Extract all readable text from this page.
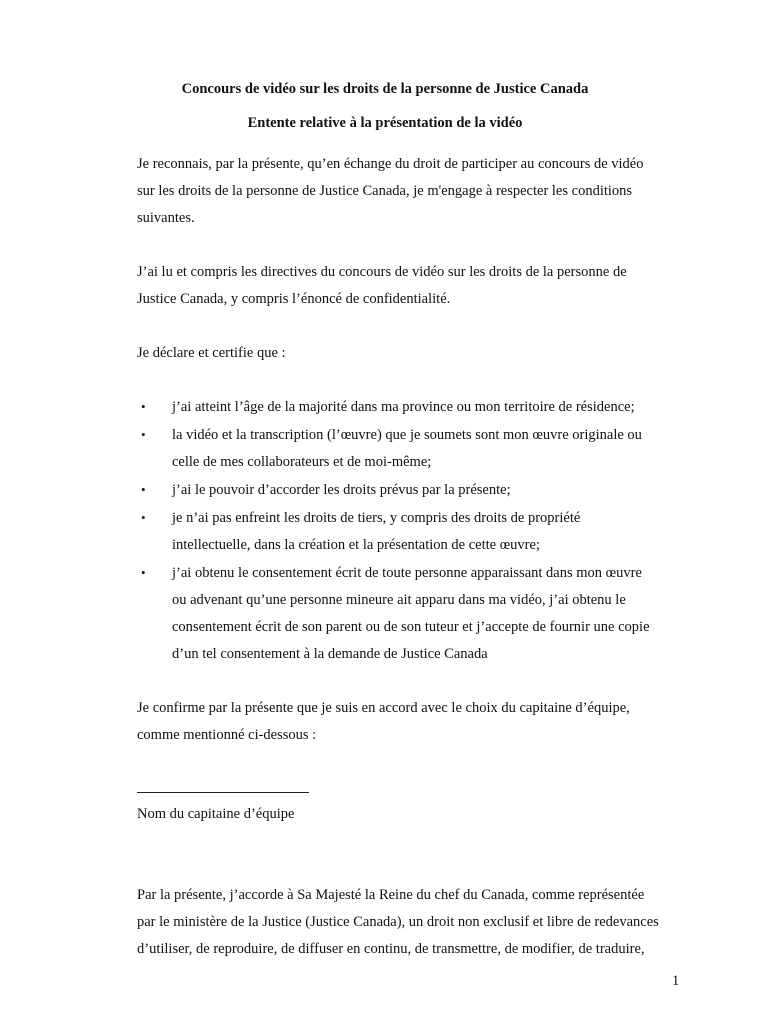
Concours de vidéo sur les droits de la personne de Justice Canada
Entente relative à la présentation de la vidéo
Je reconnais, par la présente, qu’en échange du droit de participer au concours de vidéo
sur les droits de la personne de Justice Canada, je m'engage à respecter les conditions
suivantes.
J’ai lu et compris les directives du concours de vidéo sur les droits de la personne de
Justice Canada, y compris l’énoncé de confidentialité.
Je déclare et certifie que :
• j’ai atteint l’âge de la majorité dans ma province ou mon territoire de résidence;
• la vidéo et la transcription (l’œuvre) que je soumets sont mon œuvre originale ou
celle de mes collaborateurs et de moi-même;
• j’ai le pouvoir d’accorder les droits prévus par la présente;
• je n’ai pas enfreint les droits de tiers, y compris des droits de propriété
intellectuelle, dans la création et la présentation de cette œuvre;
• j’ai obtenu le consentement écrit de toute personne apparaissant dans mon œuvre
ou advenant qu’une personne mineure ait apparu dans ma vidéo, j’ai obtenu le
consentement écrit de son parent ou de son tuteur et j’accepte de fournir une copie
d’un tel consentement à la demande de Justice Canada
Je confirme par la présente que je suis en accord avec le choix du capitaine d’équipe,
comme mentionné ci-dessous :
Nom du capitaine d’équipe
Par la présente, j’accorde à Sa Majesté la Reine du chef du Canada, comme représentée
par le ministère de la Justice (Justice Canada), un droit non exclusif et libre de redevances
d’utiliser, de reproduire, de diffuser en continu, de transmettre, de modifier, de traduire,
1
